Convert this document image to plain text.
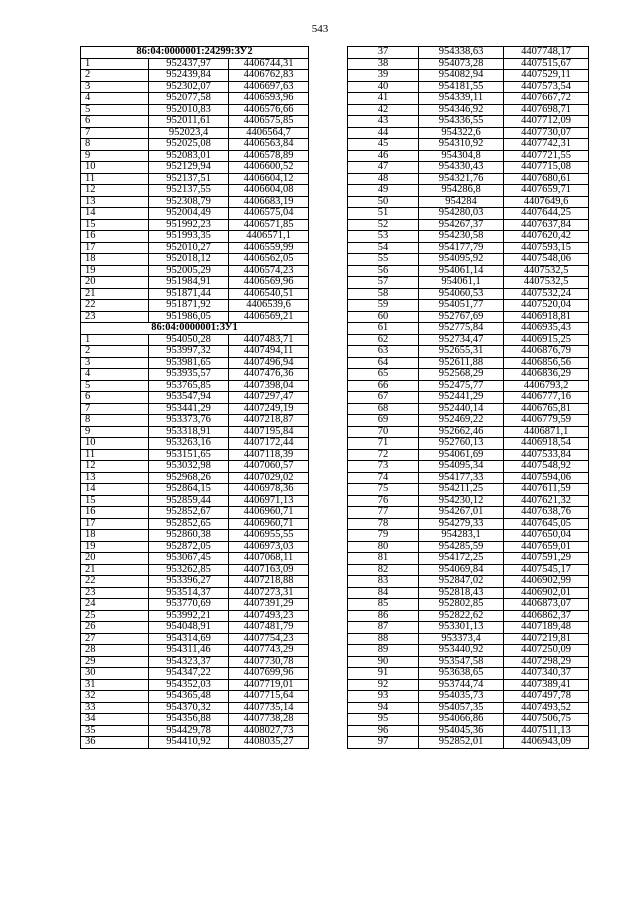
543
86:04:0000001:24299:ЗУ2		
1	952437,97	4406744,31
2	952439,84	4406762,83
3	952302,07	4406697,63
4	952077,58	4406593,96
5	952010,83	4406576,66
6	952011,61	4406575,85
7	952023,4	4406564,7
8	952025,08	4406563,84
9	952083,01	4406578,89
10	952129,94	4406600,52
11	952137,51	4406604,12
12	952137,55	4406604,08
13	952308,79	4406683,19
14	952004,49	4406575,04
15	951992,23	4406571,85
16	951993,35	4406571,1
17	952010,27	4406559,99
18	952018,12	4406562,05
19	952005,29	4406574,23
20	951984,91	4406569,96
21	951871,44	4406540,51
22	951871,92	4406539,6
23	951986,05	4406569,21
86:04:0000001:ЗУ1		
1	954050,28	4407483,71
2	953997,32	4407494,11
3	953981,65	4407496,94
4	953935,57	4407476,36
5	953765,85	4407398,04
6	953547,94	4407297,47
7	953441,29	4407249,19
8	953373,76	4407218,87
9	953318,91	4407195,84
10	953263,16	4407172,44
11	953151,65	4407118,39
12	953032,98	4407060,57
13	952968,26	4407029,02
14	952864,15	4406978,36
15	952859,44	4406971,13
16	952852,67	4406960,71
17	952852,65	4406960,71
18	952860,38	4406955,55
19	952872,05	4406973,03
20	953067,45	4407068,11
21	953262,85	4407163,09
22	953396,27	4407218,88
23	953514,37	4407273,31
24	953770,69	4407391,29
25	953992,21	4407493,23
26	954048,91	4407481,79
27	954314,69	4407754,23
28	954311,46	4407743,29
29	954323,37	4407730,78
30	954347,22	4407699,96
31	954352,03	4407719,01
32	954365,48	4407715,64
33	954370,32	4407735,14
34	954356,88	4407738,28
35	954429,78	4408027,73
36	954410,92	4408035,27
37	954338,63	4407748,17
38	954073,28	4407515,67
39	954082,94	4407529,11
40	954181,55	4407573,54
41	954339,11	4407667,72
42	954346,92	4407698,71
43	954336,55	4407712,09
44	954322,6	4407730,07
45	954310,92	4407742,31
46	954304,8	4407721,55
47	954330,43	4407715,08
48	954321,76	4407680,61
49	954286,8	4407659,71
50	954284	4407649,6
51	954280,03	4407644,25
52	954267,37	4407637,84
53	954230,58	4407620,42
54	954177,79	4407593,15
55	954095,92	4407548,06
56	954061,14	4407532,5
57	954061,1	4407532,5
58	954060,53	4407532,24
59	954051,77	4407520,04
60	952767,69	4406918,81
61	952775,84	4406935,43
62	952734,47	4406915,25
63	952655,31	4406876,79
64	952611,88	4406856,56
65	952568,29	4406836,29
66	952475,77	4406793,2
67	952441,29	4406777,16
68	952440,14	4406765,81
69	952469,22	4406779,59
70	952662,46	4406871,1
71	952760,13	4406918,54
72	954061,69	4407533,84
73	954095,34	4407548,92
74	954177,33	4407594,06
75	954211,25	4407611,59
76	954230,12	4407621,32
77	954267,01	4407638,76
78	954279,33	4407645,05
79	954283,1	4407650,04
80	954285,59	4407659,01
81	954172,25	4407591,29
82	954069,84	4407545,17
83	952847,02	4406902,99
84	952818,43	4406902,01
85	952802,85	4406873,07
86	952822,62	4406862,37
87	953301,13	4407189,48
88	953373,4	4407219,81
89	953440,92	4407250,09
90	953547,58	4407298,29
91	953638,65	4407340,37
92	953744,74	4407389,41
93	954035,73	4407497,78
94	954057,35	4407493,52
95	954066,86	4407506,75
96	954045,36	4407511,13
97	952852,01	4406943,09
